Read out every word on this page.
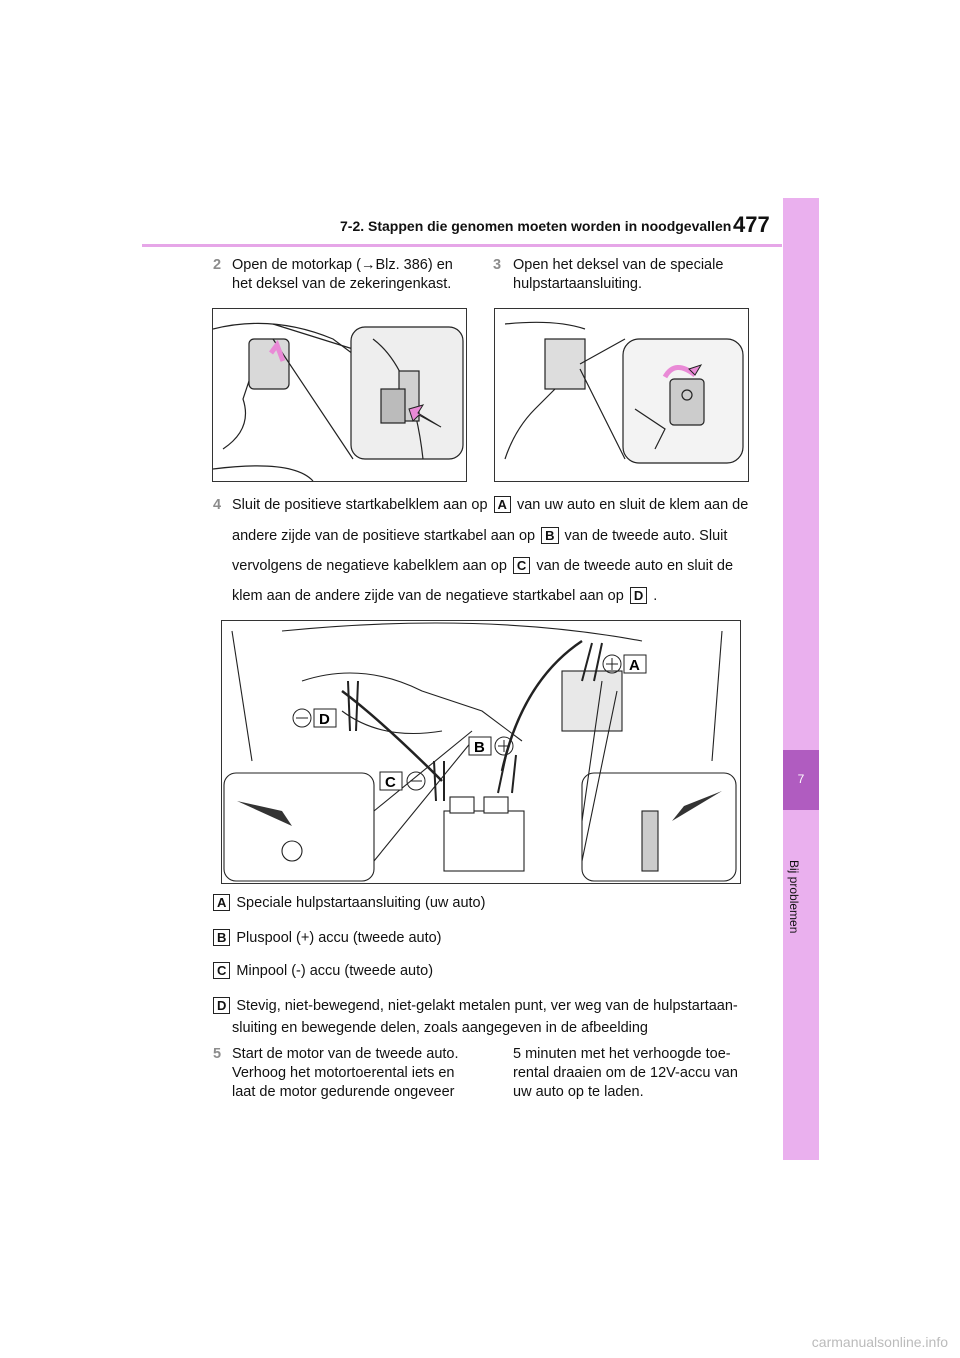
7-2. Stappen die genomen moeten worden in noodgevallen 477
7
Bij problemen
2 Open de motorkap (→Blz. 386) en
het deksel van de zekeringenkast.
3 Open het deksel van de speciale
hulpstartaansluiting.
4 Sluit de positieve startkabelklem aan op A van uw auto en sluit de klem aan de
andere zijde van de positieve startkabel aan op B van de tweede auto. Sluit
vervolgens de negatieve kabelklem aan op C van de tweede auto en sluit de
klem aan de andere zijde van de negatieve startkabel aan op D .
A
B
C
D
A Speciale hulpstartaansluiting (uw auto)
B Pluspool (+) accu (tweede auto)
C Minpool (-) accu (tweede auto)
D Stevig, niet-bewegend, niet-gelakt metalen punt, ver weg van de hulpstartaan-
sluiting en bewegende delen, zoals aangegeven in de afbeelding
5 Start de motor van de tweede auto.
Verhoog het motortoerental iets en
laat de motor gedurende ongeveer
5 minuten met het verhoogde toe-
rental draaien om de 12V-accu van
uw auto op te laden.
carmanualsonline.info
